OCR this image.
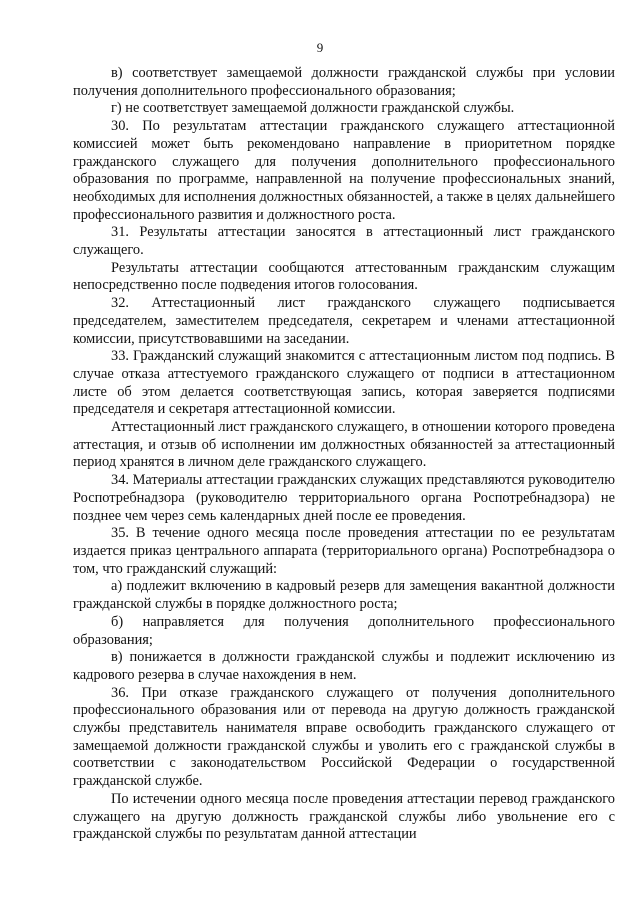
9

в) соответствует замещаемой должности гражданской службы при условии получения дополнительного профессионального образования;

г) не соответствует замещаемой должности гражданской службы.

30. По результатам аттестации гражданского служащего аттестационной комиссией может быть рекомендовано направление в приоритетном порядке гражданского служащего для получения дополнительного профессионального образования по программе, направленной на получение профессиональных знаний, необходимых для исполнения должностных обязанностей, а также в целях дальнейшего профессионального развития и должностного роста.

31. Результаты аттестации заносятся в аттестационный лист гражданского служащего.

Результаты аттестации сообщаются аттестованным гражданским служащим непосредственно после подведения итогов голосования.

32. Аттестационный лист гражданского служащего подписывается председателем, заместителем председателя, секретарем и членами аттестационной комиссии, присутствовавшими на заседании.

33. Гражданский служащий знакомится с аттестационным листом под подпись. В случае отказа аттестуемого гражданского служащего от подписи в аттестационном листе об этом делается соответствующая запись, которая заверяется подписями председателя и секретаря аттестационной комиссии.

Аттестационный лист гражданского служащего, в отношении которого проведена аттестация, и отзыв об исполнении им должностных обязанностей за аттестационный период хранятся в личном деле гражданского служащего.

34. Материалы аттестации гражданских служащих представляются руководителю Роспотребнадзора (руководителю территориального органа Роспотребнадзора) не позднее чем через семь календарных дней после ее проведения.

35. В течение одного месяца после проведения аттестации по ее результатам издается приказ центрального аппарата (территориального органа) Роспотребнадзора о том, что гражданский служащий:

а) подлежит включению в кадровый резерв для замещения вакантной должности гражданской службы в порядке должностного роста;

б) направляется для получения дополнительного профессионального образования;

в) понижается в должности гражданской службы и подлежит исключению из кадрового резерва в случае нахождения в нем.

36. При отказе гражданского служащего от получения дополнительного профессионального образования или от перевода на другую должность гражданской службы представитель нанимателя вправе освободить гражданского служащего от замещаемой должности гражданской службы и уволить его с гражданской службы в соответствии с законодательством Российской Федерации о государственной гражданской службе.

По истечении одного месяца после проведения аттестации перевод гражданского служащего на другую должность гражданской службы либо увольнение его с гражданской службы по результатам данной аттестации
